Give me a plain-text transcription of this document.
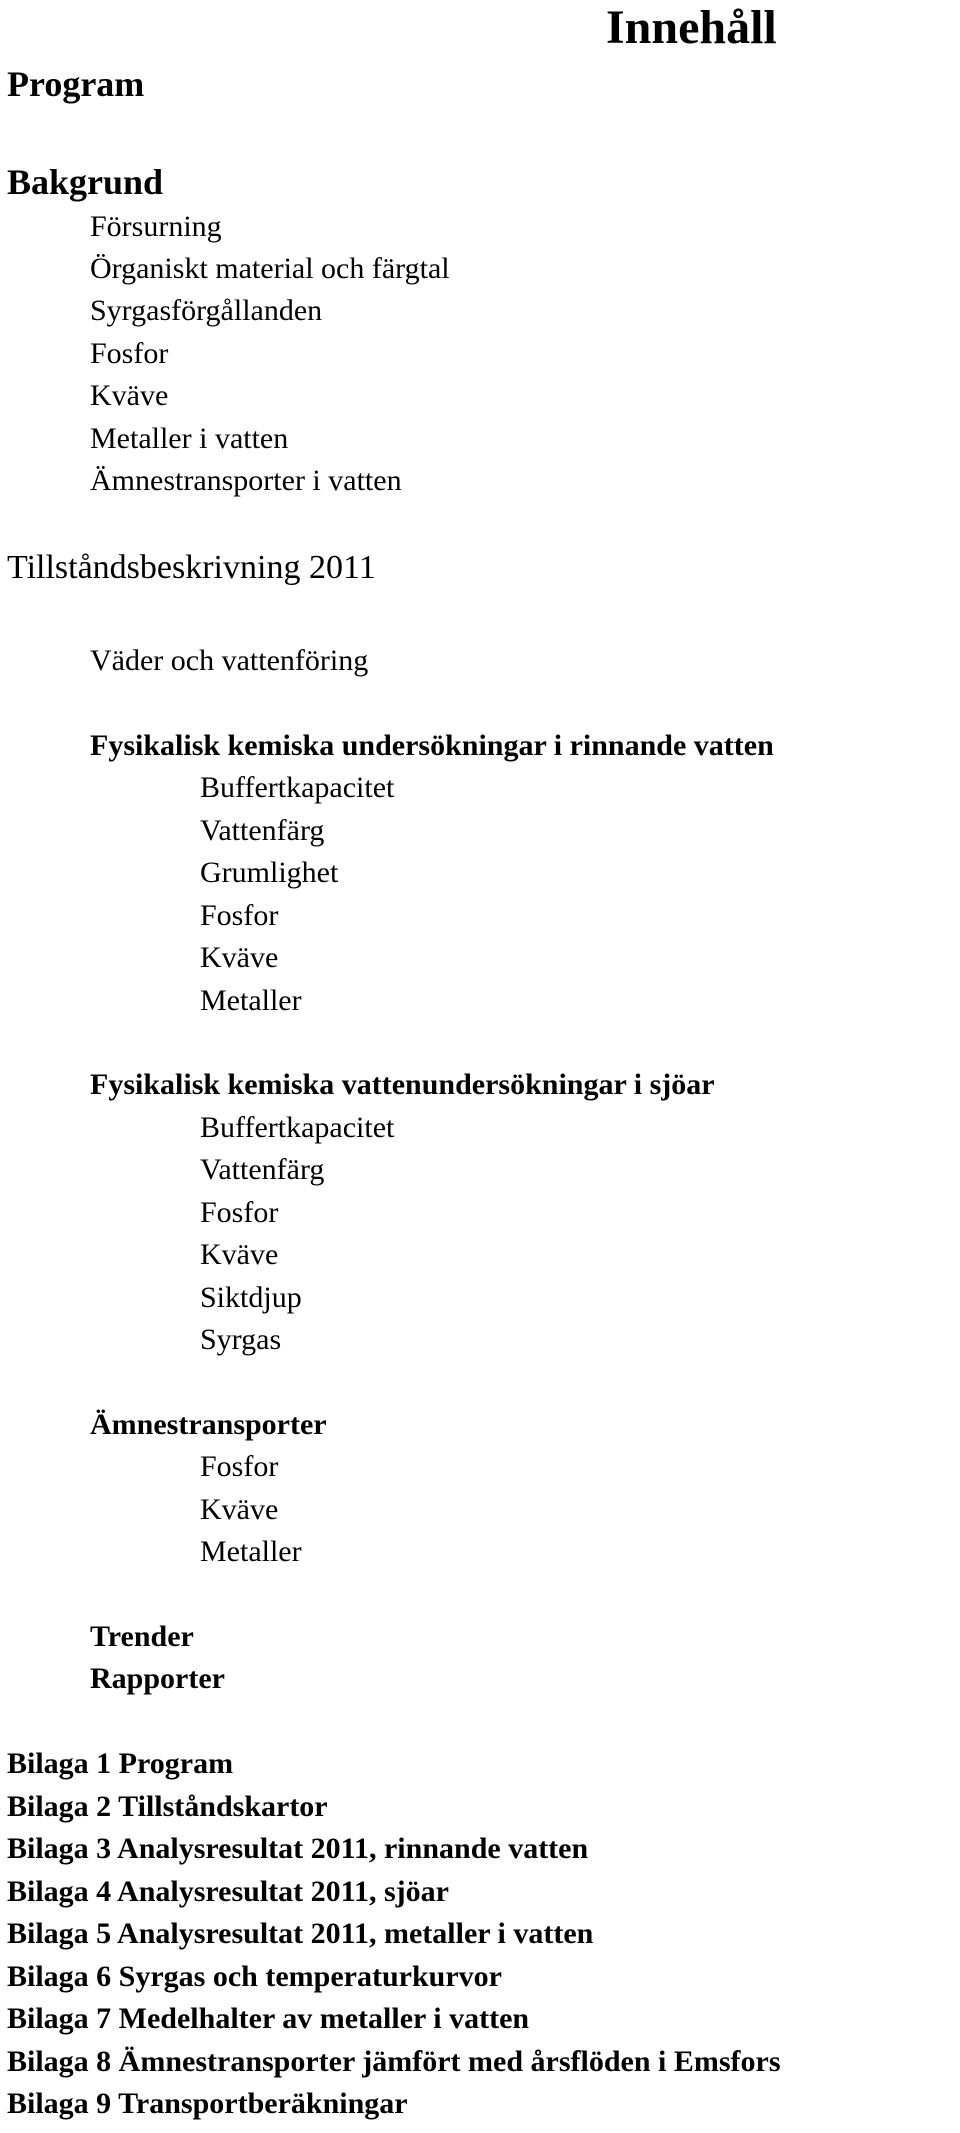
Innehåll
Program
Bakgrund
Försurning
Örganiskt material och färgtal
Syrgasförgållanden
Fosfor
Kväve
Metaller i vatten
Ämnestransporter i vatten
Tillståndsbeskrivning 2011
Väder och vattenföring
Fysikalisk kemiska undersökningar i rinnande vatten
Buffertkapacitet
Vattenfärg
Grumlighet
Fosfor
Kväve
Metaller
Fysikalisk kemiska vattenundersökningar i sjöar
Buffertkapacitet
Vattenfärg
Fosfor
Kväve
Siktdjup
Syrgas
Ämnestransporter
Fosfor
Kväve
Metaller
Trender
Rapporter
Bilaga 1 Program
Bilaga 2 Tillståndskartor
Bilaga 3 Analysresultat 2011, rinnande vatten
Bilaga 4 Analysresultat 2011, sjöar
Bilaga 5 Analysresultat 2011, metaller i vatten
Bilaga 6 Syrgas och temperaturkurvor
Bilaga 7 Medelhalter av metaller i vatten
Bilaga 8 Ämnestransporter jämfört med årsflöden i Emsfors
Bilaga 9 Transportberäkningar
